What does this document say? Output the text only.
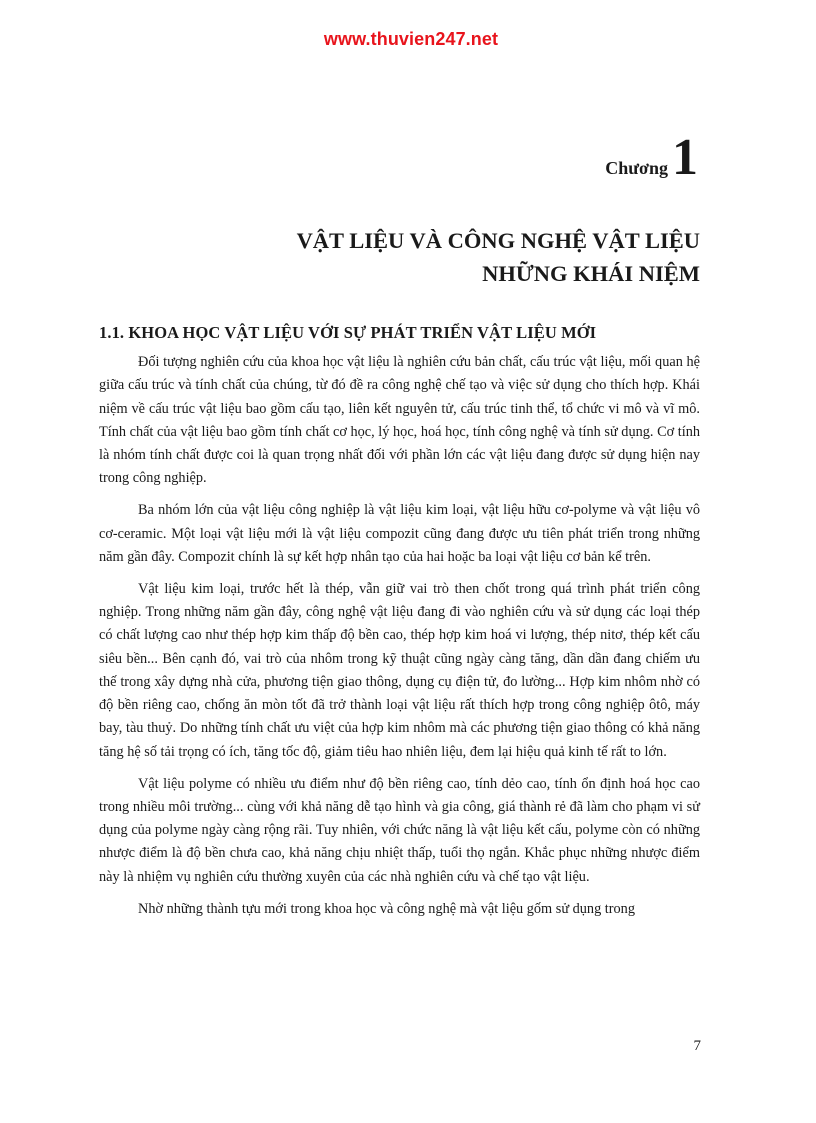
www.thuvien247.net
Chương1
VẬT LIỆU VÀ CÔNG NGHỆ VẬT LIỆU
NHỮNG KHÁI NIỆM
1.1. KHOA HỌC VẬT LIỆU VỚI SỰ PHÁT TRIỂN VẬT LIỆU MỚI

Đối tượng nghiên cứu của khoa học vật liệu là nghiên cứu bản chất, cấu trúc vật liệu, mối quan hệ giữa cấu trúc và tính chất của chúng, từ đó đề ra công nghệ chế tạo và việc sử dụng cho thích hợp. Khái niệm về cấu trúc vật liệu bao gồm cấu tạo, liên kết nguyên tử, cấu trúc tinh thể, tổ chức vi mô và vĩ mô. Tính chất của vật liệu bao gồm tính chất cơ học, lý học, hoá học, tính công nghệ và tính sử dụng. Cơ tính là nhóm tính chất được coi là quan trọng nhất đối với phần lớn các vật liệu đang được sử dụng hiện nay trong công nghiệp.

Ba nhóm lớn của vật liệu công nghiệp là vật liệu kim loại, vật liệu hữu cơ-polyme và vật liệu vô cơ-ceramic. Một loại vật liệu mới là vật liệu compozit cũng đang được ưu tiên phát triển trong những năm gần đây. Compozit chính là sự kết hợp nhân tạo của hai hoặc ba loại vật liệu cơ bản kể trên.

Vật liệu kim loại, trước hết là thép, vẫn giữ vai trò then chốt trong quá trình phát triển công nghiệp. Trong những năm gần đây, công nghệ vật liệu đang đi vào nghiên cứu và sử dụng các loại thép có chất lượng cao như thép hợp kim thấp độ bền cao, thép hợp kim hoá vi lượng, thép nitơ, thép kết cấu siêu bền... Bên cạnh đó, vai trò của nhôm trong kỹ thuật cũng ngày càng tăng, dần dần đang chiếm ưu thế trong xây dựng nhà cửa, phương tiện giao thông, dụng cụ điện tử, đo lường... Hợp kim nhôm nhờ có độ bền riêng cao, chống ăn mòn tốt đã trở thành loại vật liệu rất thích hợp trong công nghiệp ôtô, máy bay, tàu thuỷ. Do những tính chất ưu việt của hợp kim nhôm mà các phương tiện giao thông có khả năng tăng hệ số tải trọng có ích, tăng tốc độ, giảm tiêu hao nhiên liệu, đem lại hiệu quả kinh tế rất to lớn.

Vật liệu polyme có nhiều ưu điểm như độ bền riêng cao, tính dẻo cao, tính ổn định hoá học cao trong nhiều môi trường... cùng với khả năng dễ tạo hình và gia công, giá thành rẻ đã làm cho phạm vi sử dụng của polyme ngày càng rộng rãi. Tuy nhiên, với chức năng là vật liệu kết cấu, polyme còn có những nhược điểm là độ bền chưa cao, khả năng chịu nhiệt thấp, tuổi thọ ngắn. Khắc phục những nhược điểm này là nhiệm vụ nghiên cứu thường xuyên của các nhà nghiên cứu và chế tạo vật liệu.

Nhờ những thành tựu mới trong khoa học và công nghệ mà vật liệu gốm sử dụng trong

7
